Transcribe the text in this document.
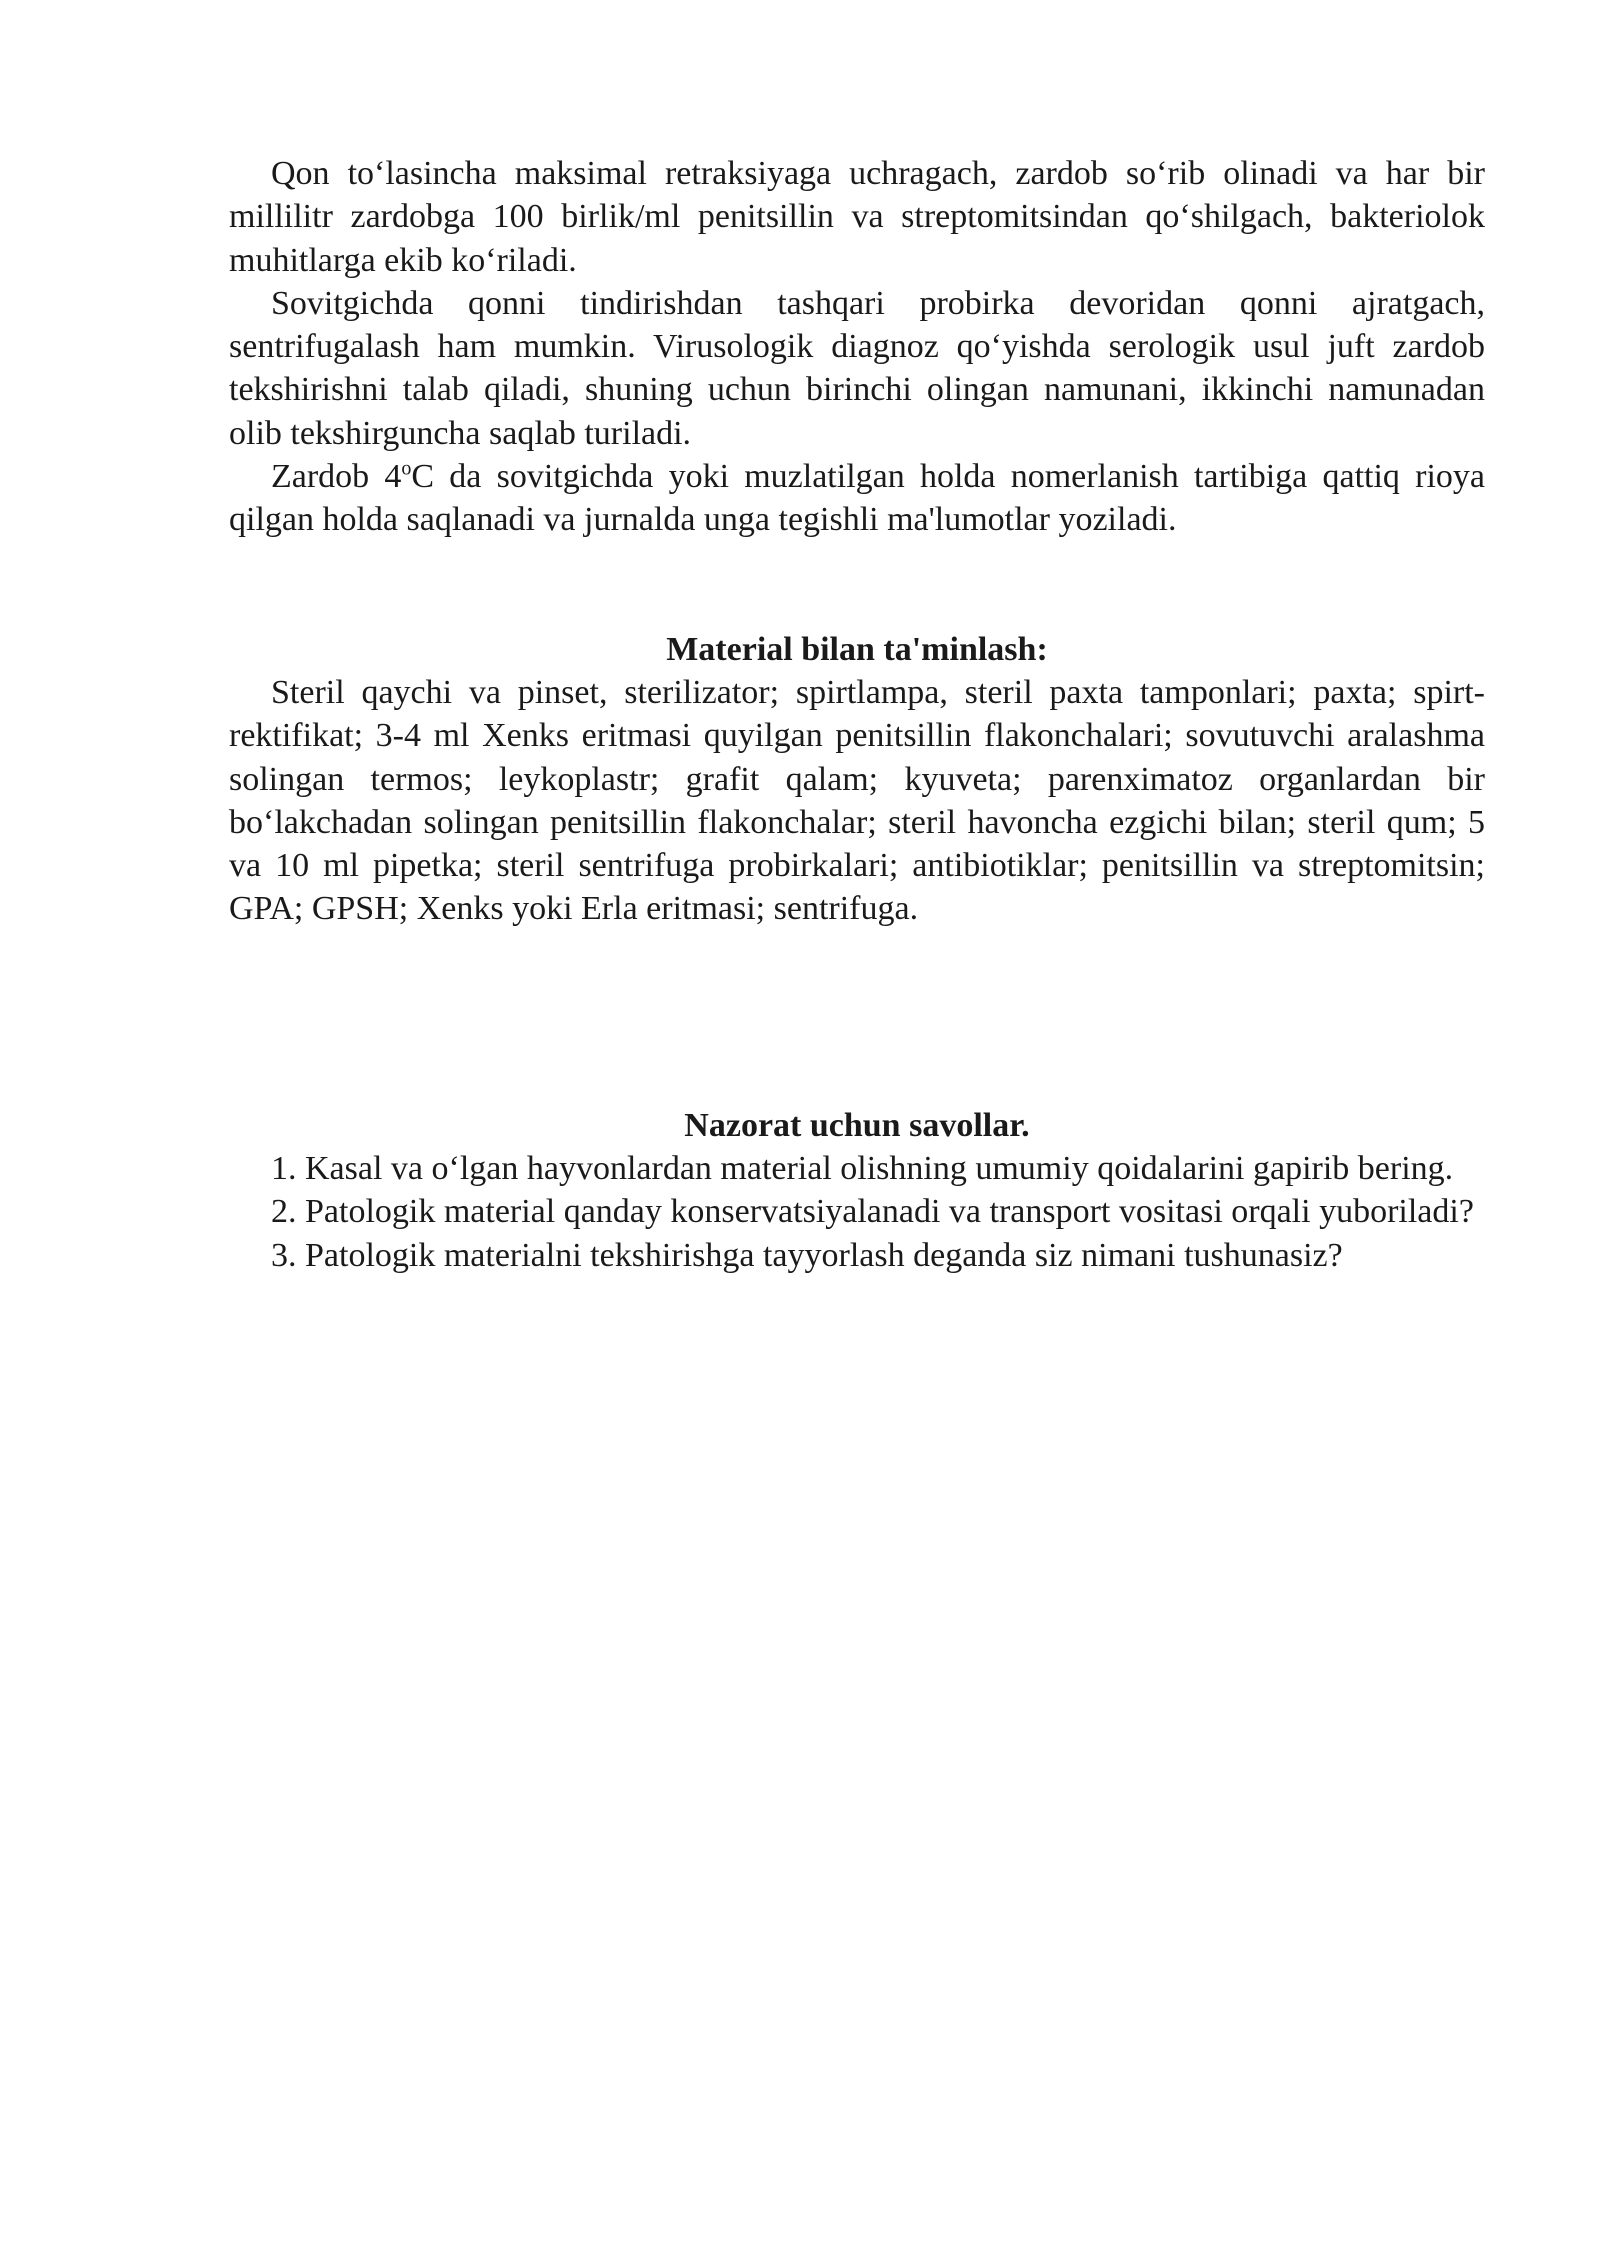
Qon to‘lasincha maksimal retraksiyaga uchragach, zardob so‘rib olinadi va har bir millilitr zardobga 100 birlik/ml penitsillin va streptomitsindan qo‘shilgach, bakteriolok muhitlarga ekib ko‘riladi.

Sovitgichda qonni tindirishdan tashqari probirka devoridan qonni ajratgach, sentrifugalash ham mumkin. Virusologik diagnoz qo‘yishda serologik usul juft zardob tekshirishni talab qiladi, shuning uchun birinchi olingan namunani, ikkinchi namunadan olib tekshirguncha saqlab turiladi.

Zardob 4$^o$C da sovitgichda yoki muzlatilgan holda nomerlanish tartibiga qattiq rioya qilgan holda saqlanadi va jurnalda unga tegishli ma'lumotlar yoziladi.

Material bilan ta'minlash:

Steril qaychi va pinset, sterilizator; spirtlampa, steril paxta tamponlari; paxta; spirt-rektifikat; 3-4 ml Xenks eritmasi quyilgan penitsillin flakonchalari; sovutuvchi aralashma solingan termos; leykoplastr; grafit qalam; kyuveta; parenximatoz organlardan bir bo‘lakchadan solingan penitsillin flakonchalar; steril havoncha ezgichi bilan; steril qum; 5 va 10 ml pipetka; steril sentrifuga probirkalari; antibiotiklar; penitsillin va streptomitsin; GPA; GPSH; Xenks yoki Erla eritmasi; sentrifuga.

Nazorat uchun savollar.

1. Kasal va o‘lgan hayvonlardan material olishning umumiy qoidalarini gapirib bering.

2. Patologik material qanday konservatsiyalanadi va transport vositasi orqali yuboriladi?

3. Patologik materialni tekshirishga tayyorlash deganda siz nimani tushunasiz?
